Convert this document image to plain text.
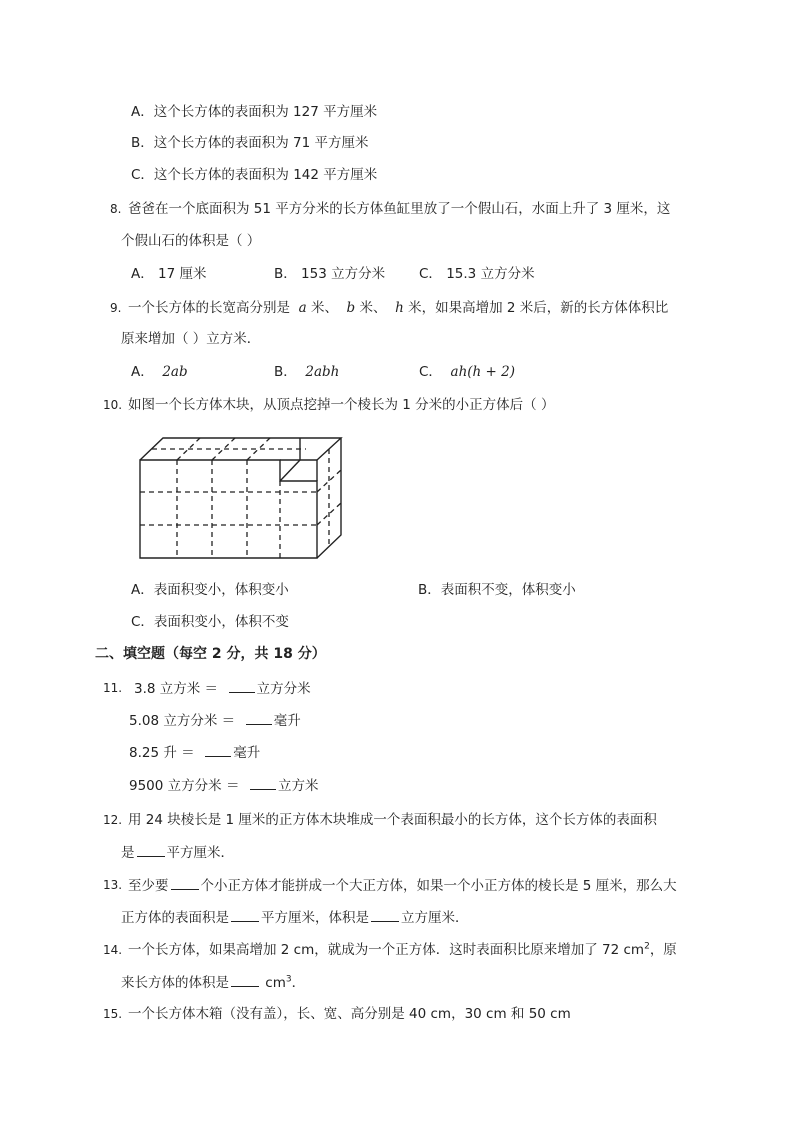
A．这个长方体的表面积为 127 平方厘米
B．这个长方体的表面积为 71 平方厘米
C．这个长方体的表面积为 142 平方厘米
8. 爸爸在一个底面积为 51 平方分米的长方体鱼缸里放了一个假山石，水面上升了 3 厘米，这
个假山石的体积是（ ）
A． 17 厘米	B． 153 立方分米	C． 15.3 立方分米
9. 一个长方体的长宽高分别是 a 米、 b 米、 h 米，如果高增加 2 米后，新的长方体体积比
原来增加（ ）立方米．
A． 2ab	B． 2abh	C． ah(h + 2)
10. 如图一个长方体木块，从顶点挖掉一个棱长为 1 分米的小正方体后（ ）
A．表面积变小，体积变小	B．表面积不变，体积变小
C．表面积变小，体积不变
二、填空题（每空 2 分，共 18 分）
11. 3.8 立方米 ＝	立方分米
5.08 立方分米 ＝	毫升
8.25 升 ＝	毫升
9500 立方分米 ＝	立方米
12. 用 24 块棱长是 1 厘米的正方体木块堆成一个表面积最小的长方体，这个长方体的表面积
是 平方厘米．
13. 至少要 个小正方体才能拼成一个大正方体，如果一个小正方体的棱长是 5 厘米，那么大
正方体的表面积是 平方厘米，体积是 立方厘米．
14. 一个长方体，如果高增加 2 cm，就成为一个正方体．这时表面积比原来增加了 72 $cm^2$，原
来长方体的体积是 $cm^3$．
15. 一个长方体木箱（没有盖），长、宽、高分别是 40 cm，30 cm 和 50 cm
